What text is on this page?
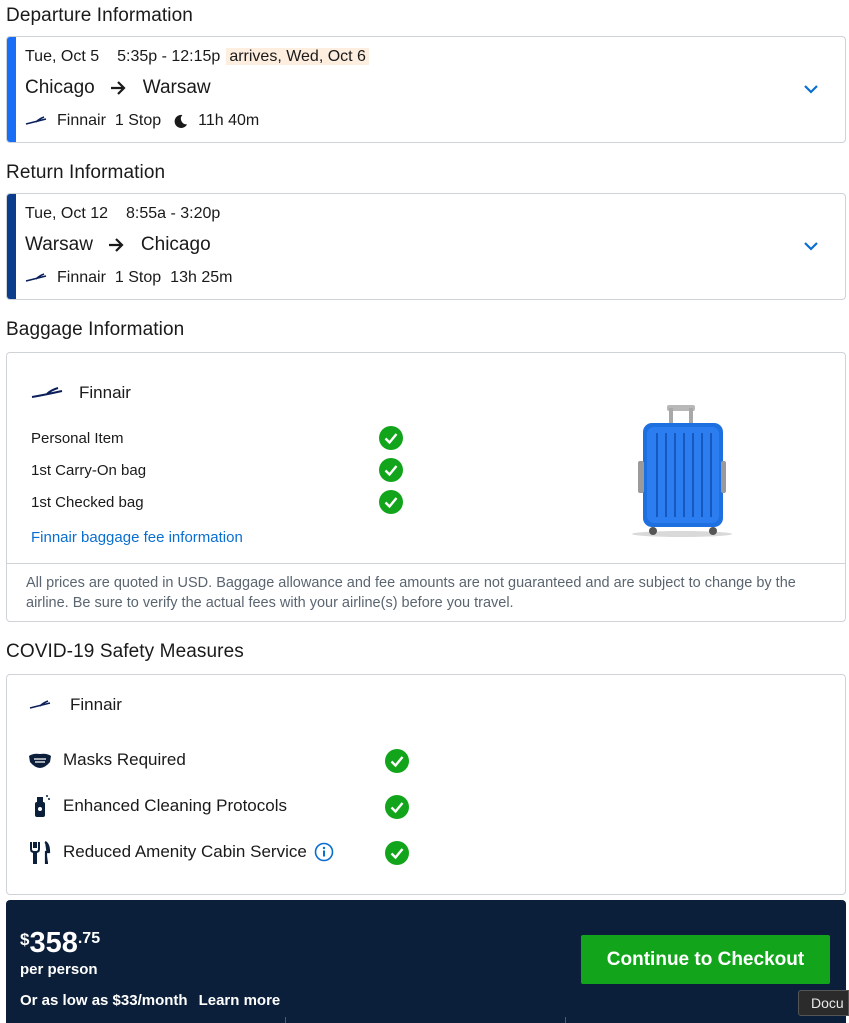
Departure Information
Tue, Oct 5 5:35p - 12:15p arrives, Wed, Oct 6
Chicago	Warsaw
Finnair 1 Stop 11h 40m
Return Information
Tue, Oct 12 8:55a - 3:20p
Warsaw	Chicago
Finnair 1 Stop 13h 25m
Baggage Information
Finnair
Personal Item
1st Carry-On bag
1st Checked bag
Finnair baggage fee information
All prices are quoted in USD. Baggage allowance and fee amounts are not guaranteed and are subject to change by the airline. Be sure to verify the actual fees with your airline(s) before you travel.
COVID-19 Safety Measures
Finnair
Masks Required
Enhanced Cleaning Protocols
Reduced Amenity Cabin Service
$ 358 .75
per person
Or as low as $33/month Learn more
Continue to Checkout
Docu
